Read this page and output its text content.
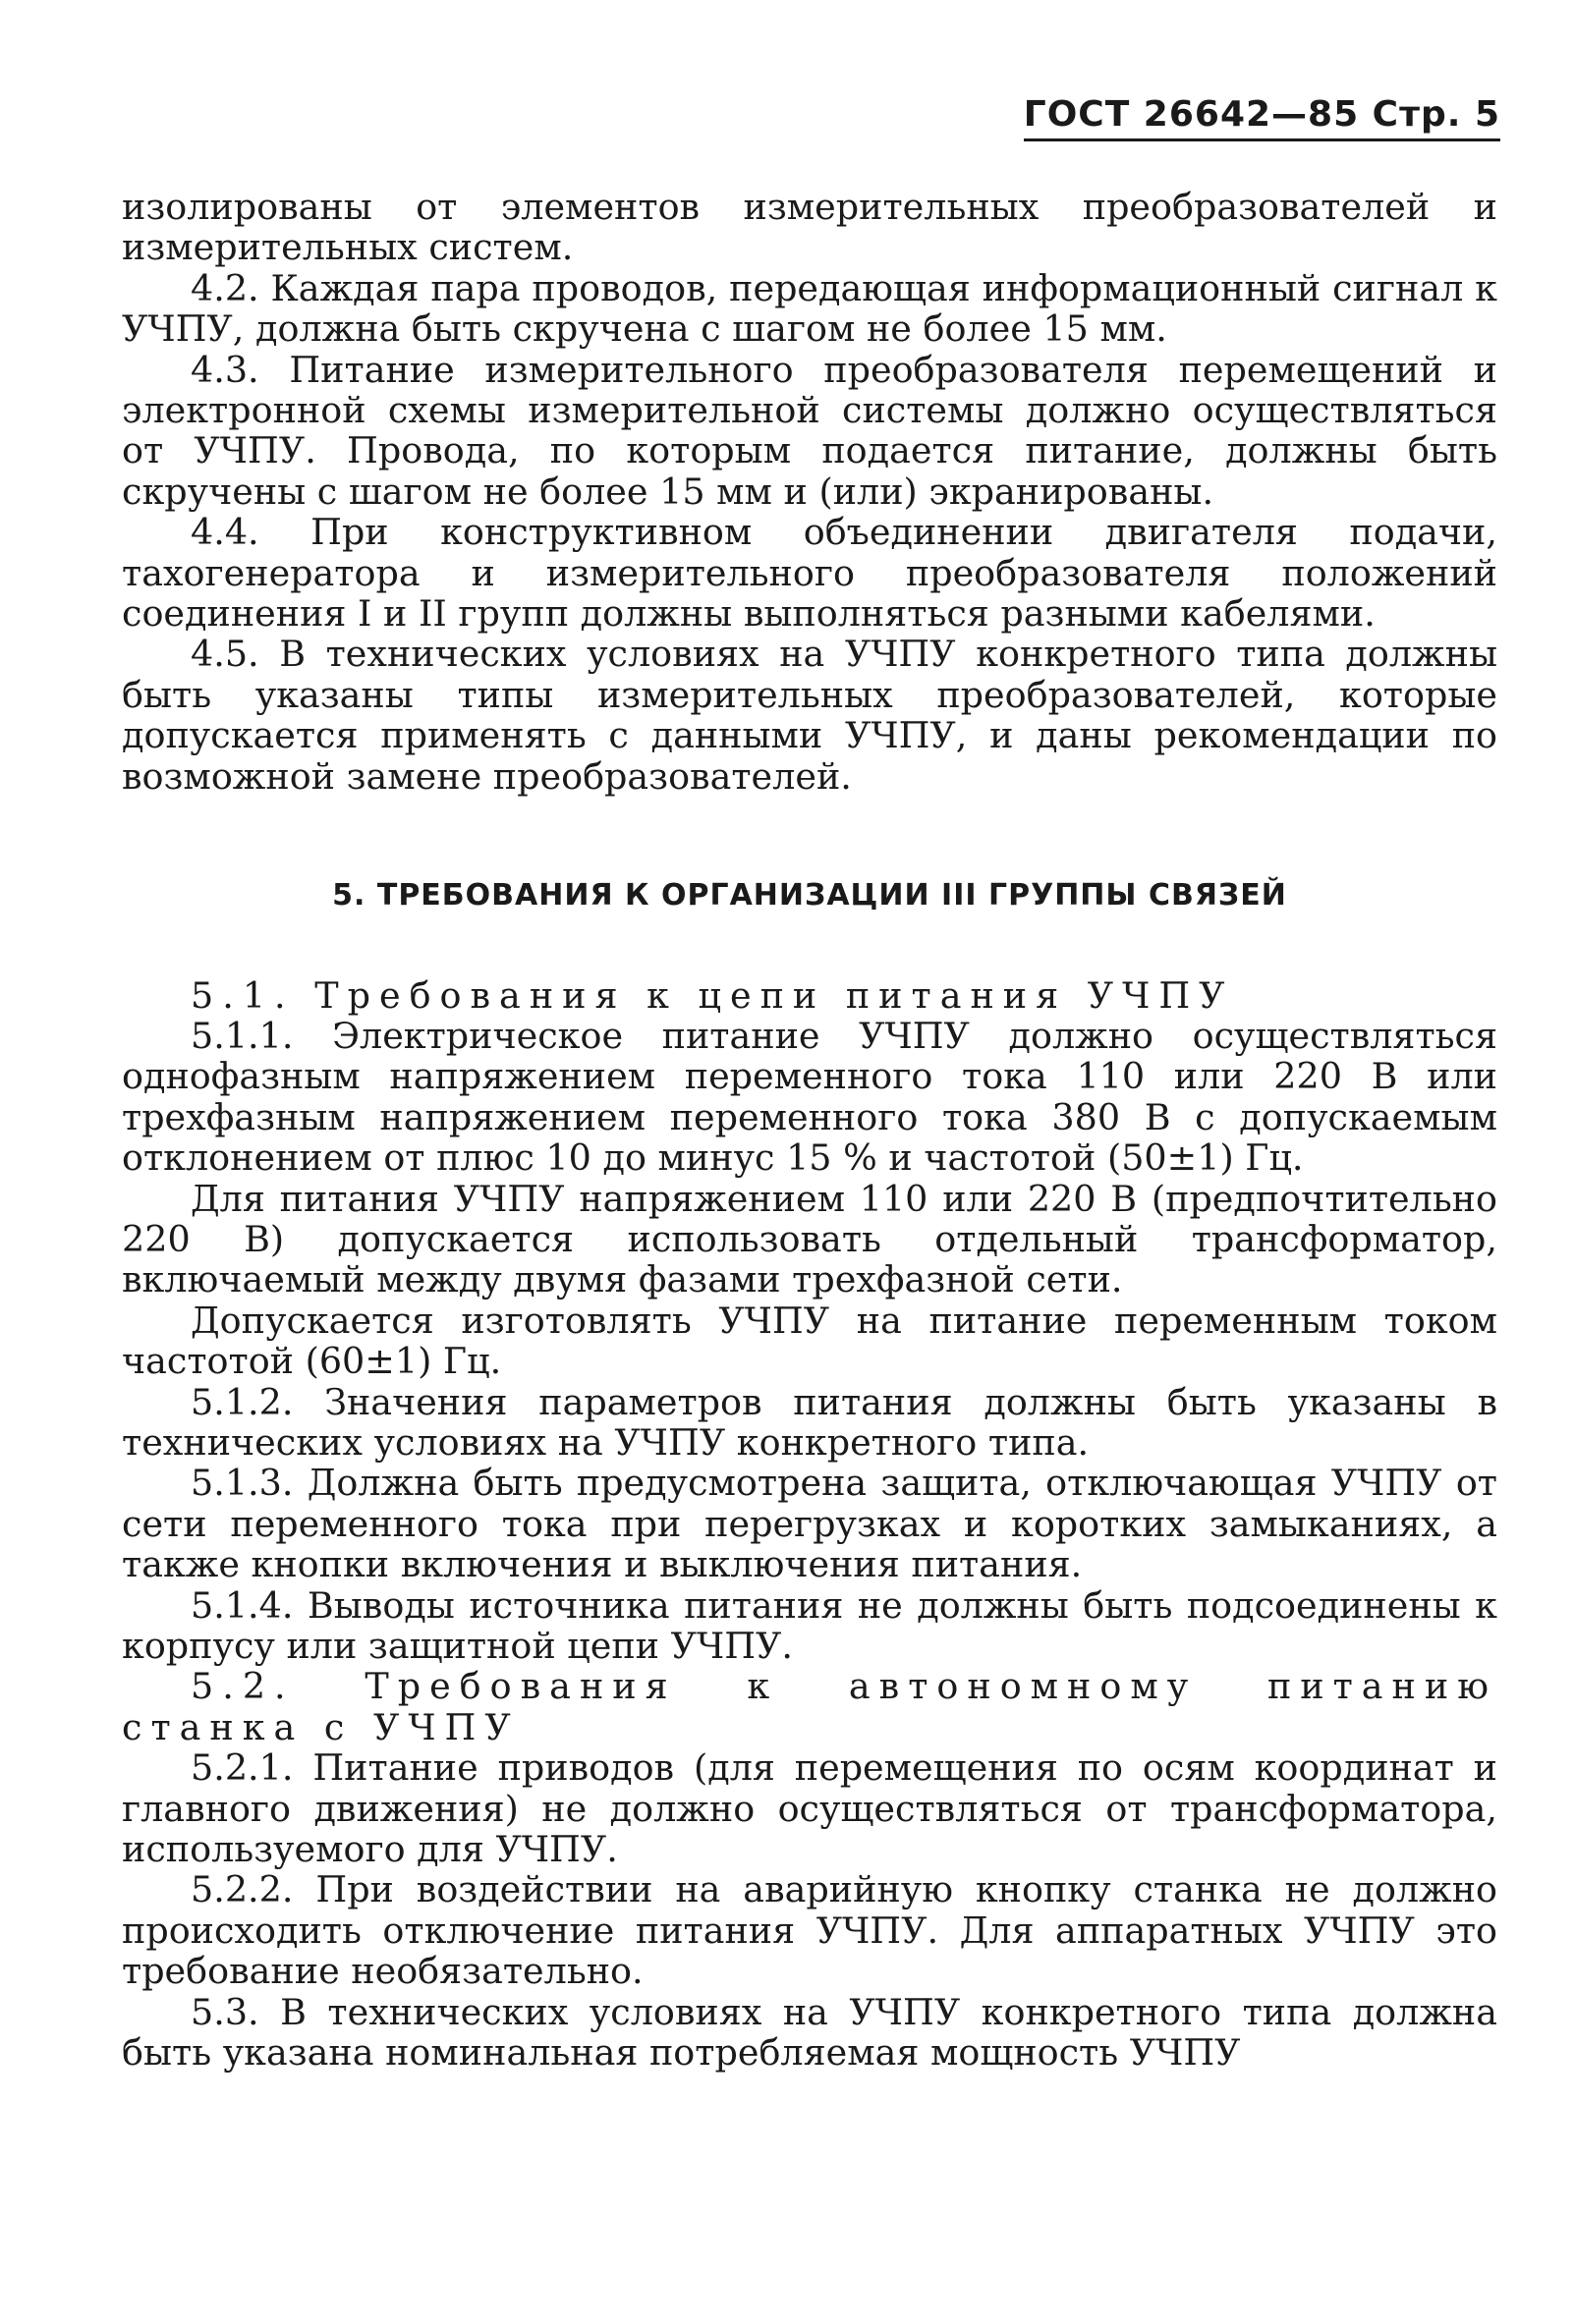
ГОСТ 26642—85 Стр. 5

изолированы от элементов измерительных преобразователей и измерительных систем.

4.2. Каждая пара проводов, передающая информационный сигнал к УЧПУ, должна быть скручена с шагом не более 15 мм.

4.3. Питание измерительного преобразователя перемещений и электронной схемы измерительной системы должно осуществляться от УЧПУ. Провода, по которым подается питание, должны быть скручены с шагом не более 15 мм и (или) экранированы.

4.4. При конструктивном объединении двигателя подачи, тахогенератора и измерительного преобразователя положений соединения I и II групп должны выполняться разными кабелями.

4.5. В технических условиях на УЧПУ конкретного типа должны быть указаны типы измерительных преобразователей, которые допускается применять с данными УЧПУ, и даны рекомендации по возможной замене преобразователей.

5. ТРЕБОВАНИЯ К ОРГАНИЗАЦИИ III ГРУППЫ СВЯЗЕЙ

5.1. Требования к цепи питания УЧПУ

5.1.1. Электрическое питание УЧПУ должно осуществляться однофазным напряжением переменного тока 110 или 220 В или трехфазным напряжением переменного тока 380 В с допускаемым отклонением от плюс 10 до минус 15 % и частотой (50±1) Гц.

Для питания УЧПУ напряжением 110 или 220 В (предпочтительно 220 В) допускается использовать отдельный трансформатор, включаемый между двумя фазами трехфазной сети.

Допускается изготовлять УЧПУ на питание переменным током частотой (60±1) Гц.

5.1.2. Значения параметров питания должны быть указаны в технических условиях на УЧПУ конкретного типа.

5.1.3. Должна быть предусмотрена защита, отключающая УЧПУ от сети переменного тока при перегрузках и коротких замыканиях, а также кнопки включения и выключения питания.

5.1.4. Выводы источника питания не должны быть подсоединены к корпусу или защитной цепи УЧПУ.

5.2. Требования к автономному питанию станка с УЧПУ

5.2.1. Питание приводов (для перемещения по осям координат и главного движения) не должно осуществляться от трансформатора, используемого для УЧПУ.

5.2.2. При воздействии на аварийную кнопку станка не должно происходить отключение питания УЧПУ. Для аппаратных УЧПУ это требование необязательно.

5.3. В технических условиях на УЧПУ конкретного типа должна быть указана номинальная потребляемая мощность УЧПУ
